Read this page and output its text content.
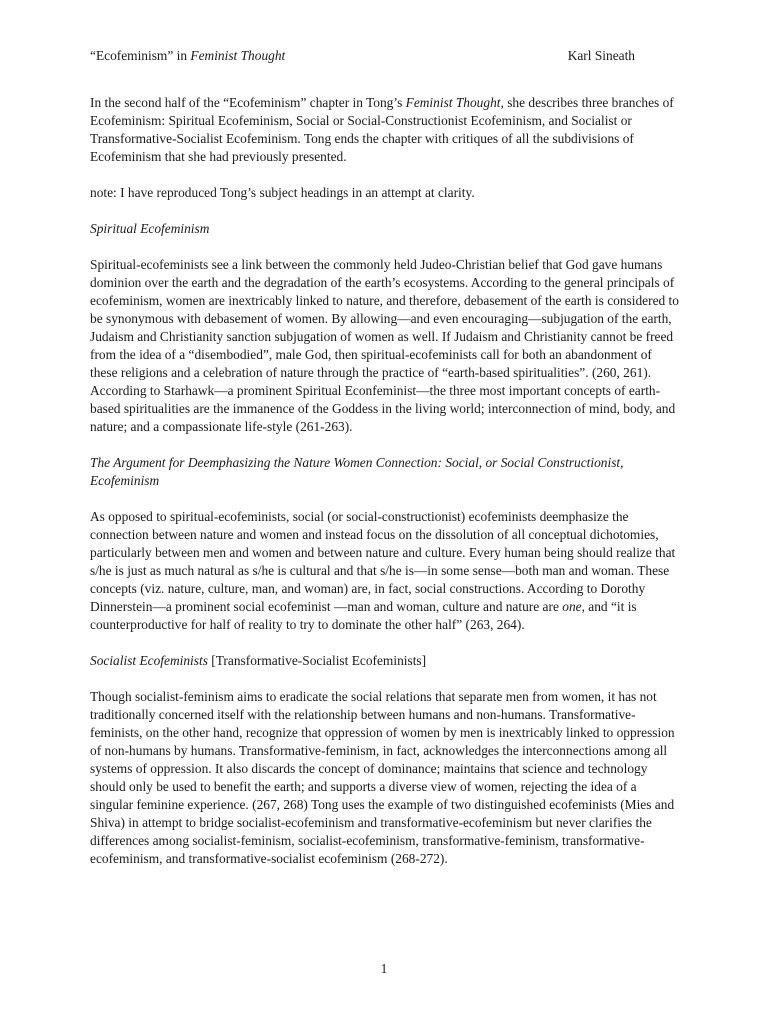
“Ecofeminism” in Feminist Thought	Karl Sineath

In the second half of the “Ecofeminism” chapter in Tong’s Feminist Thought, she describes three branches of Ecofeminism: Spiritual Ecofeminism, Social or Social-Constructionist Ecofeminism, and Socialist or Transformative-Socialist Ecofeminism. Tong ends the chapter with critiques of all the subdivisions of Ecofeminism that she had previously presented.

note: I have reproduced Tong’s subject headings in an attempt at clarity.

Spiritual Ecofeminism

Spiritual-ecofeminists see a link between the commonly held Judeo-Christian belief that God gave humans dominion over the earth and the degradation of the earth’s ecosystems. According to the general principals of ecofeminism, women are inextricably linked to nature, and therefore, debasement of the earth is considered to be synonymous with debasement of women. By allowing—and even encouraging—subjugation of the earth, Judaism and Christianity sanction subjugation of women as well. If Judaism and Christianity cannot be freed from the idea of a “disembodied”, male God, then spiritual-ecofeminists call for both an abandonment of these religions and a celebration of nature through the practice of “earth-based spiritualities”. (260, 261). According to Starhawk—a prominent Spiritual Econfeminist—the three most important concepts of earth-based spiritualities are the immanence of the Goddess in the living world; interconnection of mind, body, and nature; and a compassionate life-style (261-263).

The Argument for Deemphasizing the Nature Women Connection: Social, or Social Constructionist, Ecofeminism

As opposed to spiritual-ecofeminists, social (or social-constructionist) ecofeminists deemphasize the connection between nature and women and instead focus on the dissolution of all conceptual dichotomies, particularly between men and women and between nature and culture. Every human being should realize that s/he is just as much natural as s/he is cultural and that s/he is—in some sense—both man and woman. These concepts (viz. nature, culture, man, and woman) are, in fact, social constructions. According to Dorothy Dinnerstein—a prominent social ecofeminist —man and woman, culture and nature are one, and “it is counterproductive for half of reality to try to dominate the other half” (263, 264).

Socialist Ecofeminists [Transformative-Socialist Ecofeminists]

Though socialist-feminism aims to eradicate the social relations that separate men from women, it has not traditionally concerned itself with the relationship between humans and non-humans. Transformative-feminists, on the other hand, recognize that oppression of women by men is inextricably linked to oppression of non-humans by humans. Transformative-feminism, in fact, acknowledges the interconnections among all systems of oppression. It also discards the concept of dominance; maintains that science and technology should only be used to benefit the earth; and supports a diverse view of women, rejecting the idea of a singular feminine experience. (267, 268) Tong uses the example of two distinguished ecofeminists (Mies and Shiva) in attempt to bridge socialist-ecofeminism and transformative-ecofeminism but never clarifies the differences among socialist-feminism, socialist-ecofeminism, transformative-feminism, transformative-ecofeminism, and transformative-socialist ecofeminism (268-272).

1
